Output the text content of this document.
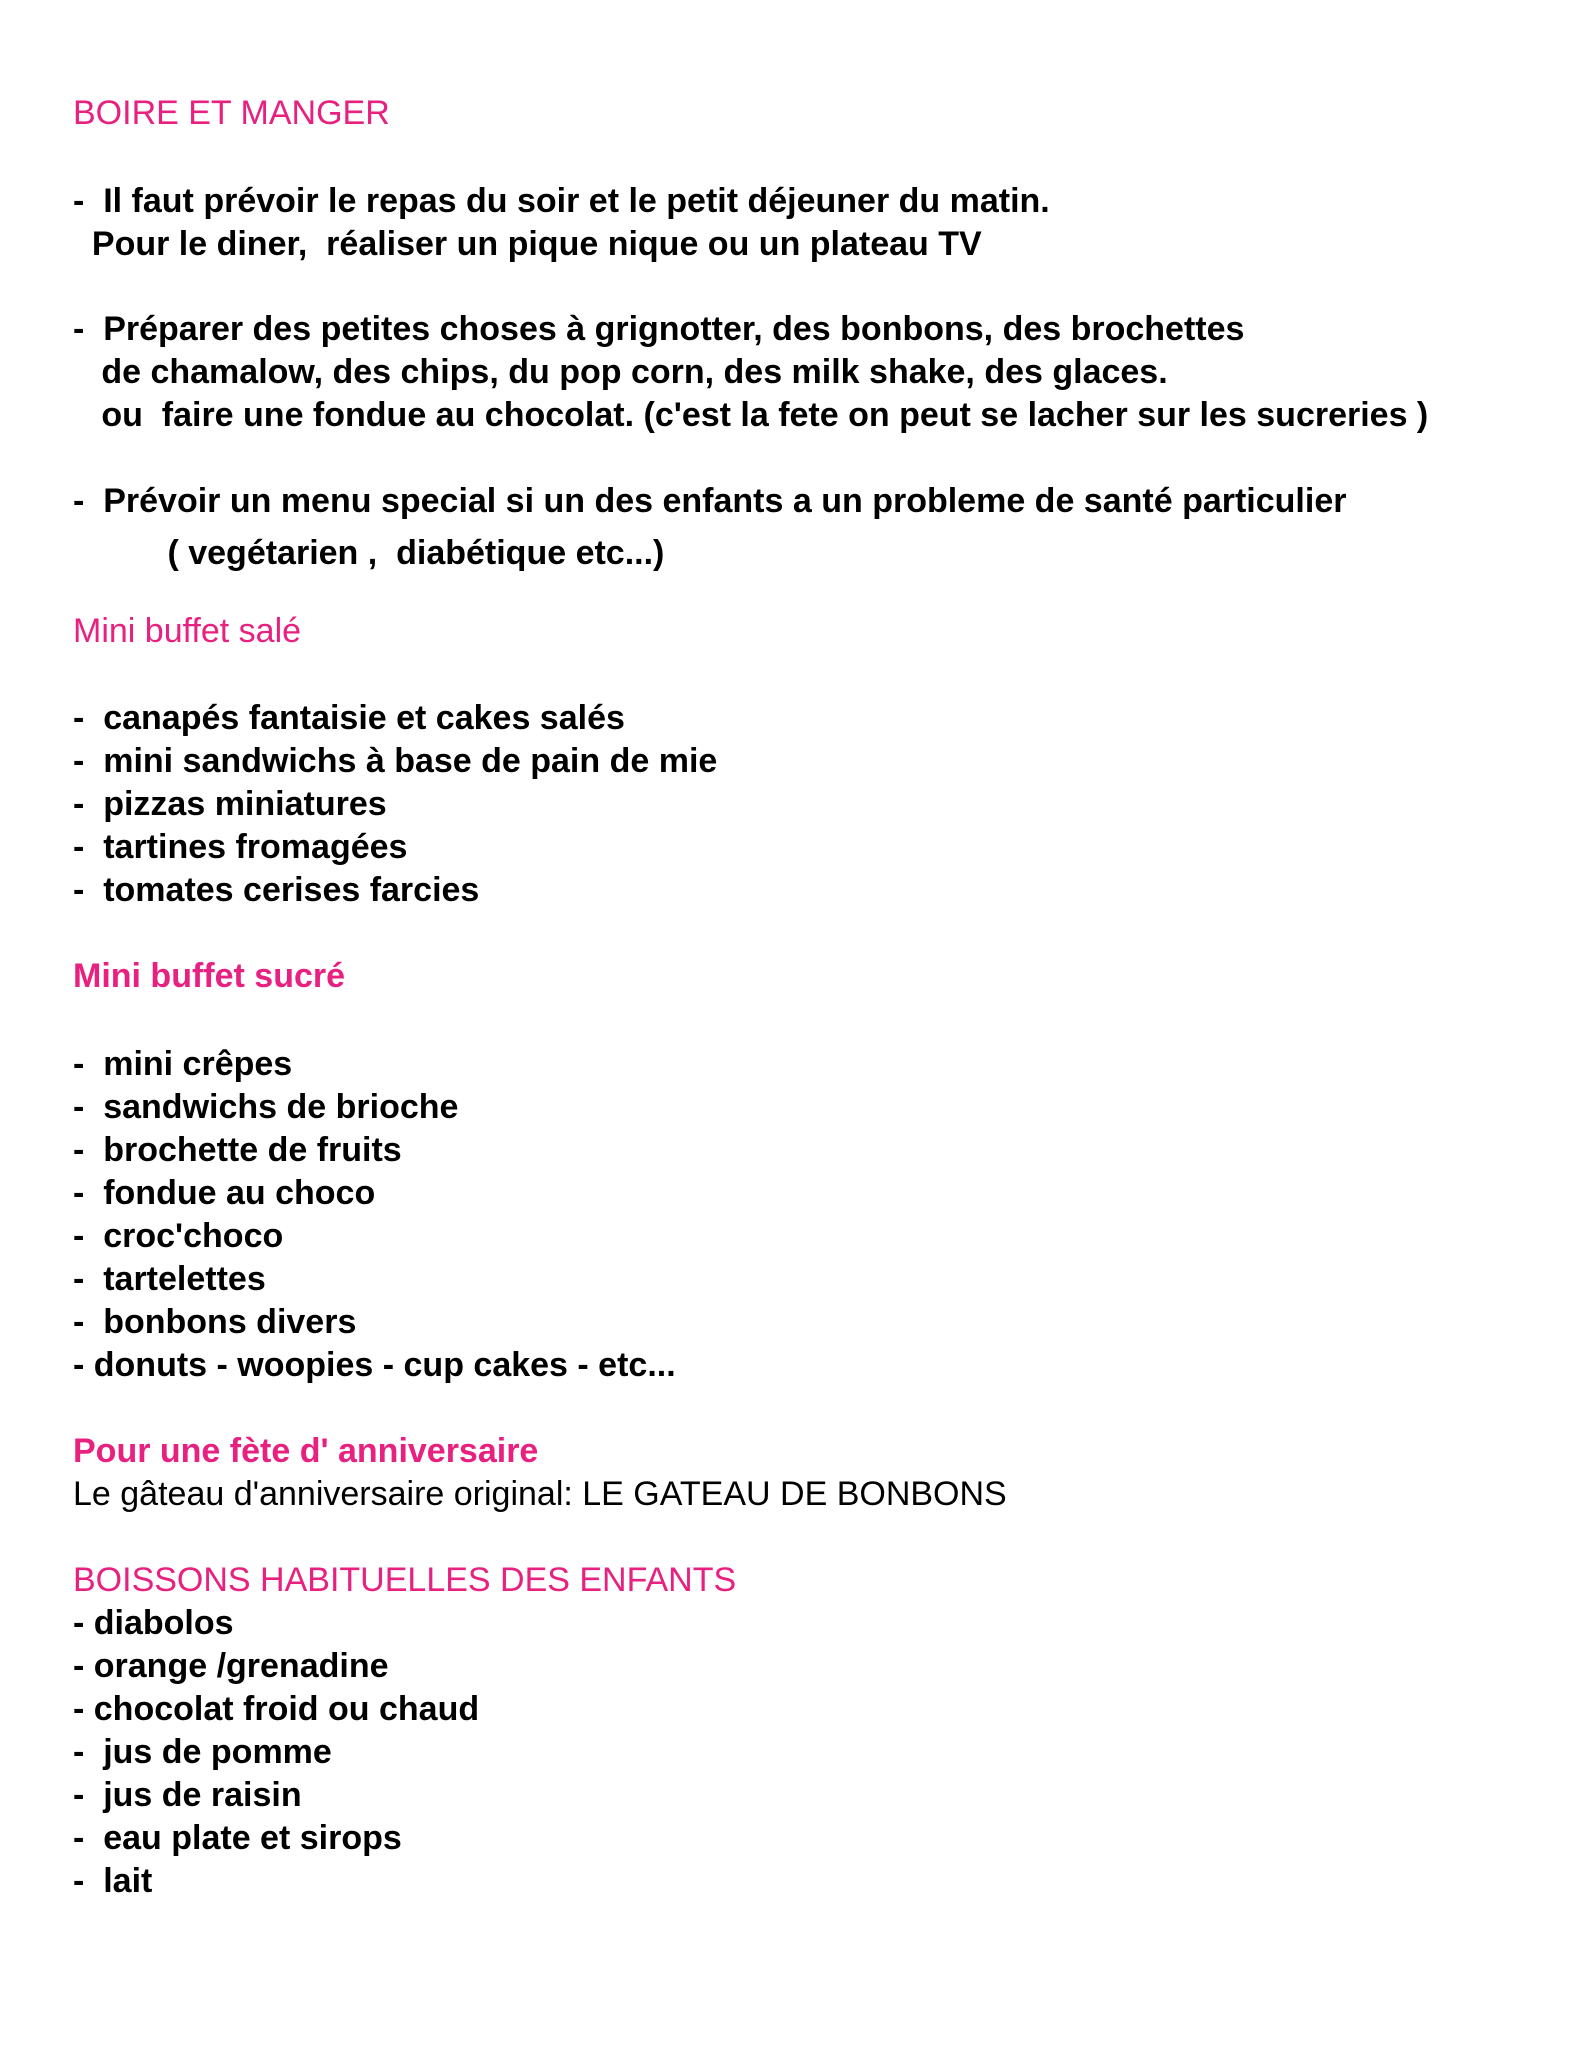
BOIRE ET MANGER
-  Il faut prévoir le repas du soir et le petit déjeuner du matin.
Pour le diner,  réaliser un pique nique ou un plateau TV
-  Préparer des petites choses à grignotter, des bonbons, des brochettes
de chamalow, des chips, du pop corn, des milk shake, des glaces.
ou  faire une fondue au chocolat. (c'est la fete on peut se lacher sur les sucreries )
-  Prévoir un menu special si un des enfants a un probleme de santé particulier
( vegétarien ,  diabétique etc...)
Mini buffet salé
-  canapés fantaisie et cakes salés
-  mini sandwichs à base de pain de mie
-  pizzas miniatures
-  tartines fromagées
-  tomates cerises farcies
Mini buffet sucré
-  mini crêpes
-  sandwichs de brioche
-  brochette de fruits
-  fondue au choco
-  croc'choco
-  tartelettes
-  bonbons divers
- donuts - woopies - cup cakes - etc...
Pour une fète d' anniversaire
Le gâteau d'anniversaire original: LE GATEAU DE BONBONS
BOISSONS HABITUELLES DES ENFANTS
- diabolos
- orange /grenadine
- chocolat froid ou chaud
-  jus de pomme
-  jus de raisin
-  eau plate et sirops
-  lait
